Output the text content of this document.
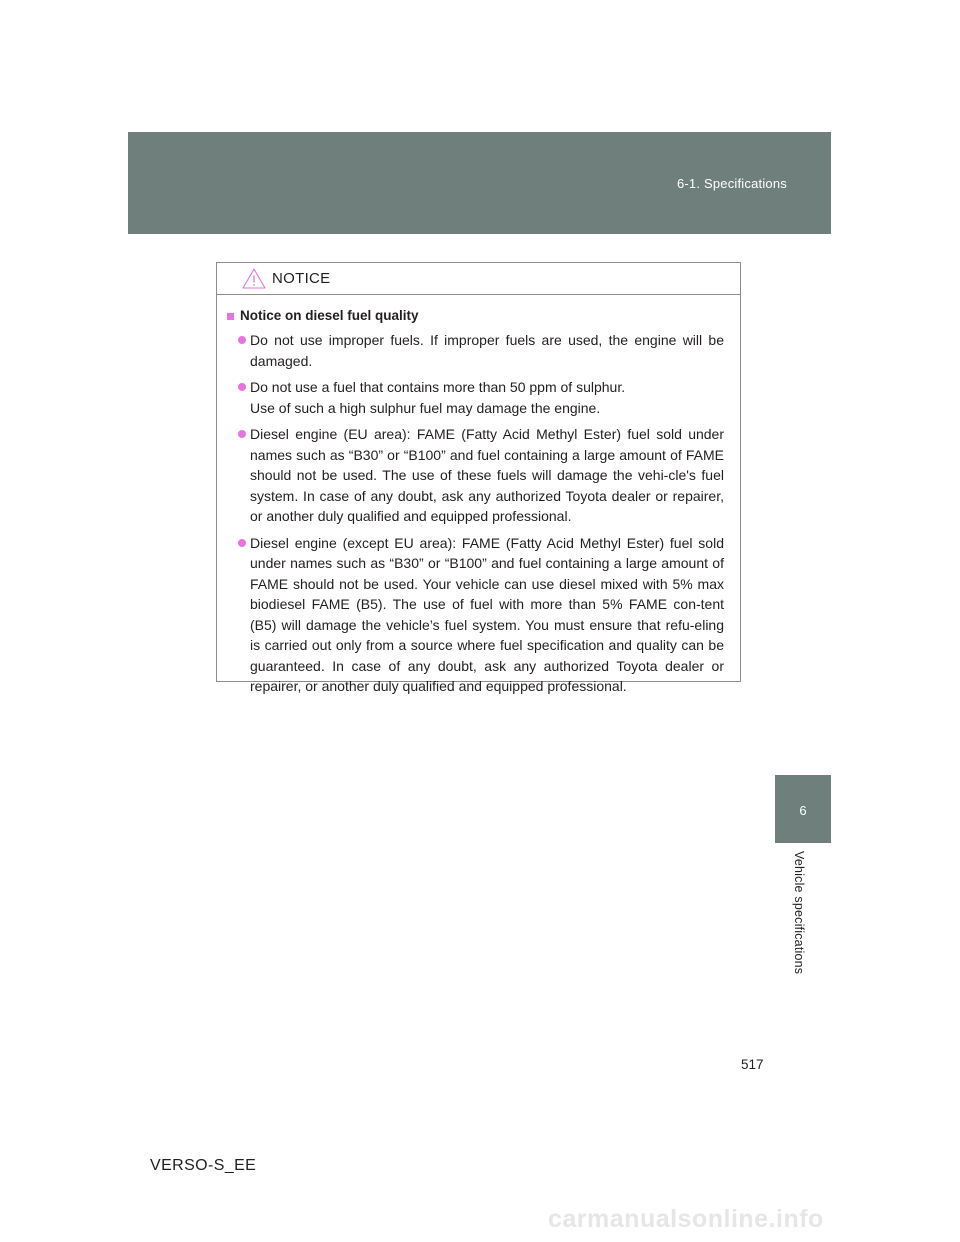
6-1. Specifications
6
Vehicle specifications
NOTICE
Notice on diesel fuel quality

Do not use improper fuels. If improper fuels are used, the engine will be damaged.

Do not use a fuel that contains more than 50 ppm of sulphur.

Use of such a high sulphur fuel may damage the engine.

Diesel engine (EU area): FAME (Fatty Acid Methyl Ester) fuel sold under names such as “B30” or “B100” and fuel containing a large amount of FAME should not be used. The use of these fuels will damage the vehi-cle's fuel system. In case of any doubt, ask any authorized Toyota dealer or repairer, or another duly qualified and equipped professional.

Diesel engine (except EU area): FAME (Fatty Acid Methyl Ester) fuel sold under names such as “B30” or “B100” and fuel containing a large amount of FAME should not be used. Your vehicle can use diesel mixed with 5% max biodiesel FAME (B5). The use of fuel with more than 5% FAME con-tent (B5) will damage the vehicle’s fuel system. You must ensure that refu-eling is carried out only from a source where fuel specification and quality can be guaranteed. In case of any doubt, ask any authorized Toyota dealer or repairer, or another duly qualified and equipped professional.

517
VERSO-S_EE
carmanualsonline.info
